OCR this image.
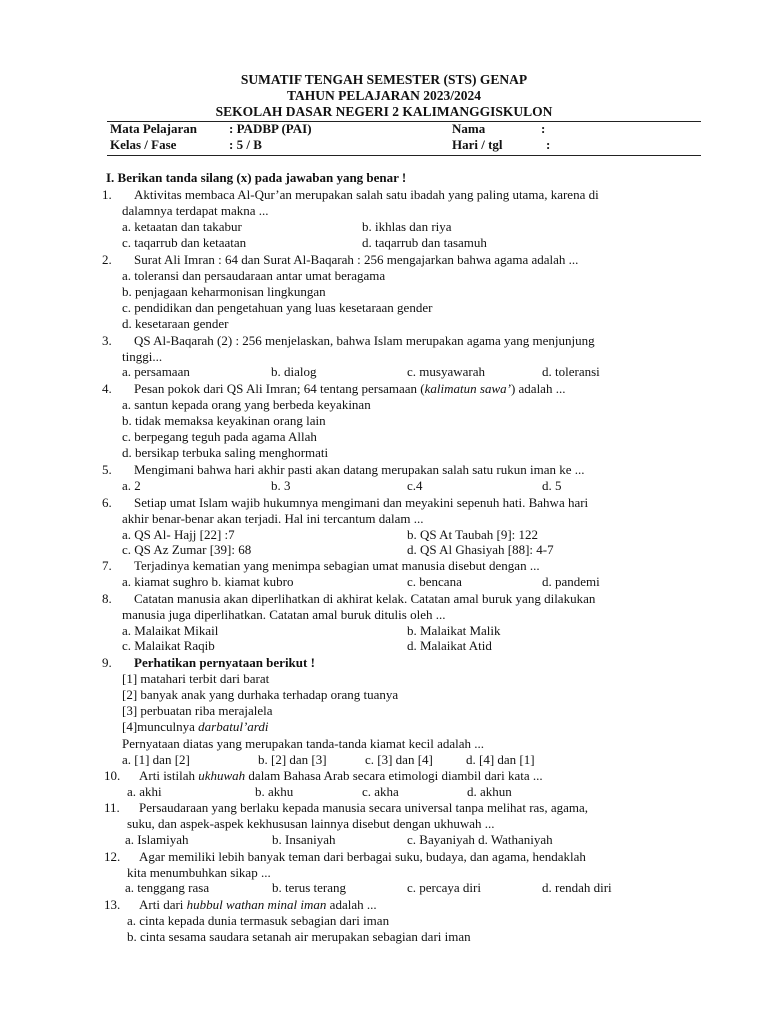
SUMATIF TENGAH SEMESTER (STS) GENAP
TAHUN PELAJARAN 2023/2024
SEKOLAH DASAR NEGERI 2 KALIMANGGISKULON
Mata Pelajaran : PADBP (PAI)	Nama	:
Kelas / Fase	: 5 / B	Hari / tgl	:
I. Berikan tanda silang (x) pada jawaban yang benar !
1. Aktivitas membaca Al-Qur’an merupakan salah satu ibadah yang paling utama, karena di
dalamnya terdapat makna ...
a. ketaatan dan takabur	b. ikhlas dan riya
c. taqarrub dan ketaatan	d. taqarrub dan tasamuh
2. Surat Ali Imran : 64 dan Surat Al-Baqarah : 256 mengajarkan bahwa agama adalah ...
a. toleransi dan persaudaraan antar umat beragama
b. penjagaan keharmonisan lingkungan
c. pendidikan dan pengetahuan yang luas kesetaraan gender
d. kesetaraan gender
3. QS Al-Baqarah (2) : 256 menjelaskan, bahwa Islam merupakan agama yang menjunjung
tinggi...
a. persamaan	b. dialog	c. musyawarah	d. toleransi
4. Pesan pokok dari QS Ali Imran; 64 tentang persamaan (kalimatun sawa’) adalah ...
a. santun kepada orang yang berbeda keyakinan
b. tidak memaksa keyakinan orang lain
c. berpegang teguh pada agama Allah
d. bersikap terbuka saling menghormati
5. Mengimani bahwa hari akhir pasti akan datang merupakan salah satu rukun iman ke ...
a. 2	b. 3	c.4	d. 5
6. Setiap umat Islam wajib hukumnya mengimani dan meyakini sepenuh hati. Bahwa hari
akhir benar-benar akan terjadi. Hal ini tercantum dalam ...
a. QS Al- Hajj [22] :7	b. QS At Taubah [9]: 122
c. QS Az Zumar [39]: 68	d. QS Al Ghasiyah [88]: 4-7
7. Terjadinya kematian yang menimpa sebagian umat manusia disebut dengan ...
a. kiamat sughro b. kiamat kubro	c. bencana	d. pandemi
8. Catatan manusia akan diperlihatkan di akhirat kelak. Catatan amal buruk yang dilakukan
manusia juga diperlihatkan. Catatan amal buruk ditulis oleh ...
a. Malaikat Mikail	b. Malaikat Malik
c. Malaikat Raqib	d. Malaikat Atid
9. Perhatikan pernyataan berikut !
[1] matahari terbit dari barat
[2] banyak anak yang durhaka terhadap orang tuanya
[3] perbuatan riba merajalela
[4]munculnya darbatul’ardi
Pernyataan diatas yang merupakan tanda-tanda kiamat kecil adalah ...
a. [1] dan [2]	b. [2] dan [3]	c. [3] dan [4]	d. [4] dan [1]
10. Arti istilah ukhuwah dalam Bahasa Arab secara etimologi diambil dari kata ...
a. akhi	b. akhu	c. akha	d. akhun
11. Persaudaraan yang berlaku kepada manusia secara universal tanpa melihat ras, agama,
suku, dan aspek-aspek kekhususan lainnya disebut dengan ukhuwah ...
a. Islamiyah	b. Insaniyah	c. Bayaniyah d. Wathaniyah
12. Agar memiliki lebih banyak teman dari berbagai suku, budaya, dan agama, hendaklah
kita menumbuhkan sikap ...
a. tenggang rasa	b. terus terang	c. percaya diri	d. rendah diri
13. Arti dari hubbul wathan minal iman adalah ...
a. cinta kepada dunia termasuk sebagian dari iman
b. cinta sesama saudara setanah air merupakan sebagian dari iman
